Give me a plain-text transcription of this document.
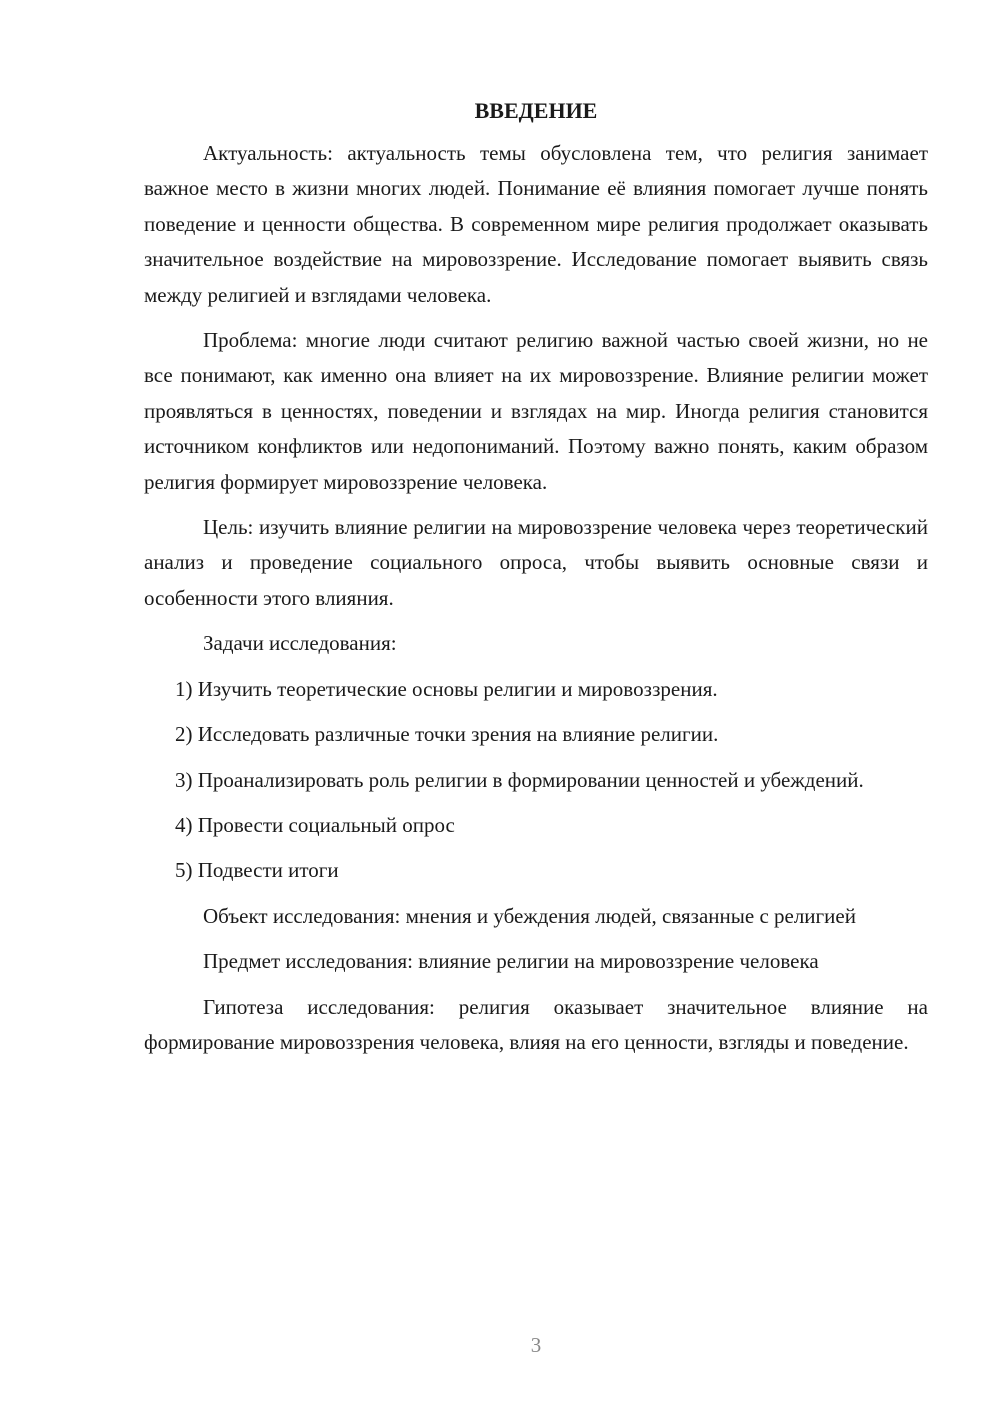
ВВЕДЕНИЕ

Актуальность: актуальность темы обусловлена тем, что религия занимает важное место в жизни многих людей. Понимание её влияния помогает лучше понять поведение и ценности общества. В современном мире религия продолжает оказывать значительное воздействие на мировоззрение. Исследование помогает выявить связь между религией и взглядами человека.

Проблема: многие люди считают религию важной частью своей жизни, но не все понимают, как именно она влияет на их мировоззрение. Влияние религии может проявляться в ценностях, поведении и взглядах на мир. Иногда религия становится источником конфликтов или недопониманий. Поэтому важно понять, каким образом религия формирует мировоззрение человека.

Цель: изучить влияние религии на мировоззрение человека через теоретический анализ и проведение социального опроса, чтобы выявить основные связи и особенности этого влияния.

Задачи исследования:

1) Изучить теоретические основы религии и мировоззрения.

2) Исследовать различные точки зрения на влияние религии.

3) Проанализировать роль религии в формировании ценностей и убеждений.

4) Провести социальный опрос

5) Подвести итоги

Объект исследования: мнения и убеждения людей, связанные с религией

Предмет исследования: влияние религии на мировоззрение человека

Гипотеза исследования: религия оказывает значительное влияние на формирование мировоззрения человека, влияя на его ценности, взгляды и поведение.

3
